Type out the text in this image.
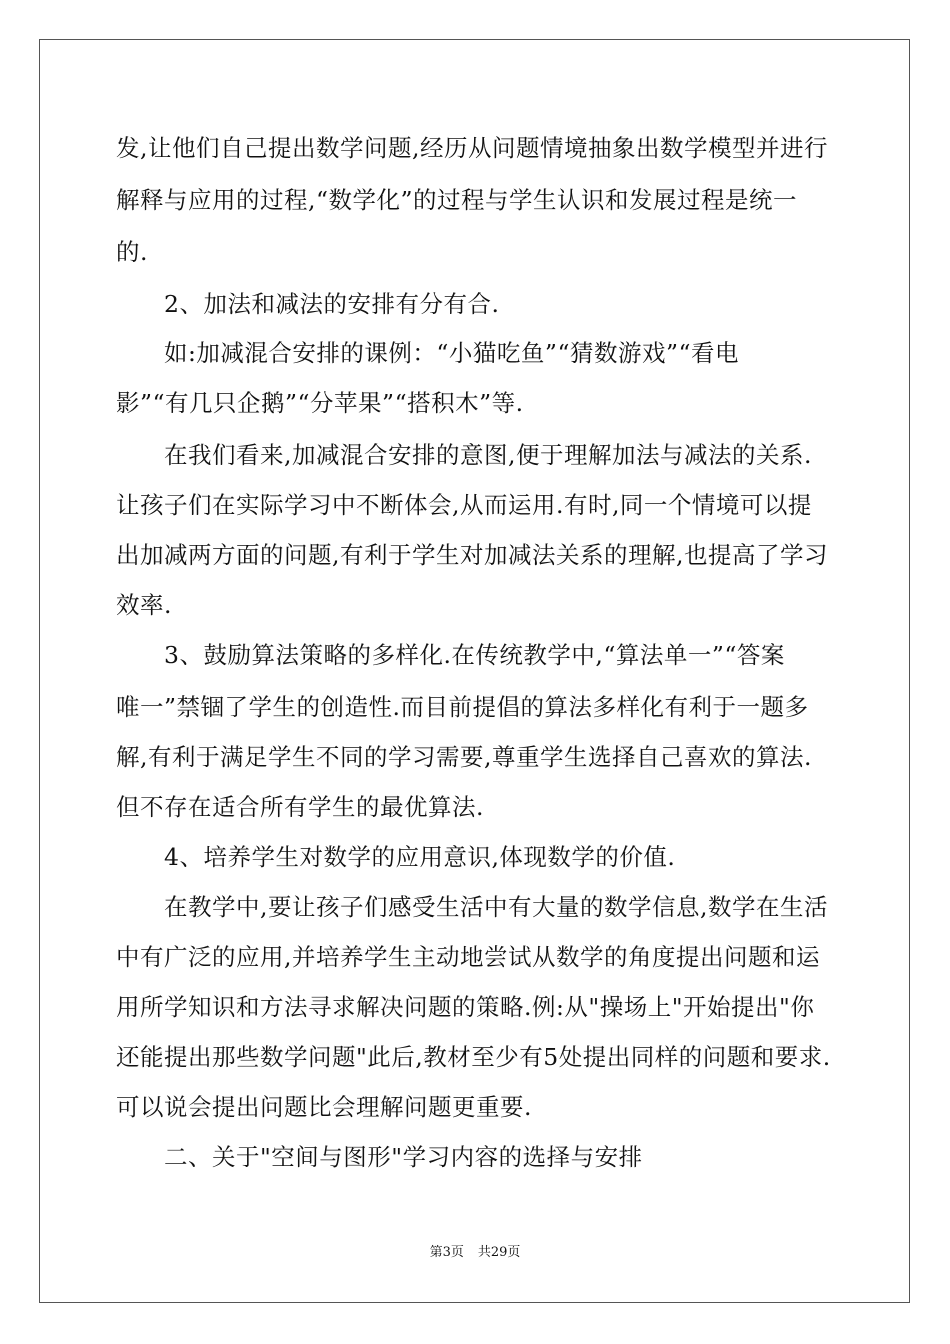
发,让他们自己提出数学问题,经历从问题情境抽象出数学模型并进行
解释与应用的过程,“数学化”的过程与学生认识和发展过程是统一
的.
2、加法和减法的安排有分有合.
如:加减混合安排的课例：“小猫吃鱼”“猜数游戏”“看电
影”“有几只企鹅”“分苹果”“搭积木”等.
在我们看来,加减混合安排的意图,便于理解加法与减法的关系.
让孩子们在实际学习中不断体会,从而运用.有时,同一个情境可以提
出加减两方面的问题,有利于学生对加减法关系的理解,也提高了学习
效率.
3、鼓励算法策略的多样化.在传统教学中,“算法单一”“答案
唯一”禁锢了学生的创造性.而目前提倡的算法多样化有利于一题多
解,有利于满足学生不同的学习需要,尊重学生选择自己喜欢的算法.
但不存在适合所有学生的最优算法.
4、培养学生对数学的应用意识,体现数学的价值.
在教学中,要让孩子们感受生活中有大量的数学信息,数学在生活
中有广泛的应用,并培养学生主动地尝试从数学的角度提出问题和运
用所学知识和方法寻求解决问题的策略.例:从"操场上"开始提出"你
还能提出那些数学问题"此后,教材至少有5处提出同样的问题和要求.
可以说会提出问题比会理解问题更重要.
二、关于"空间与图形"学习内容的选择与安排
第3页 共29页
